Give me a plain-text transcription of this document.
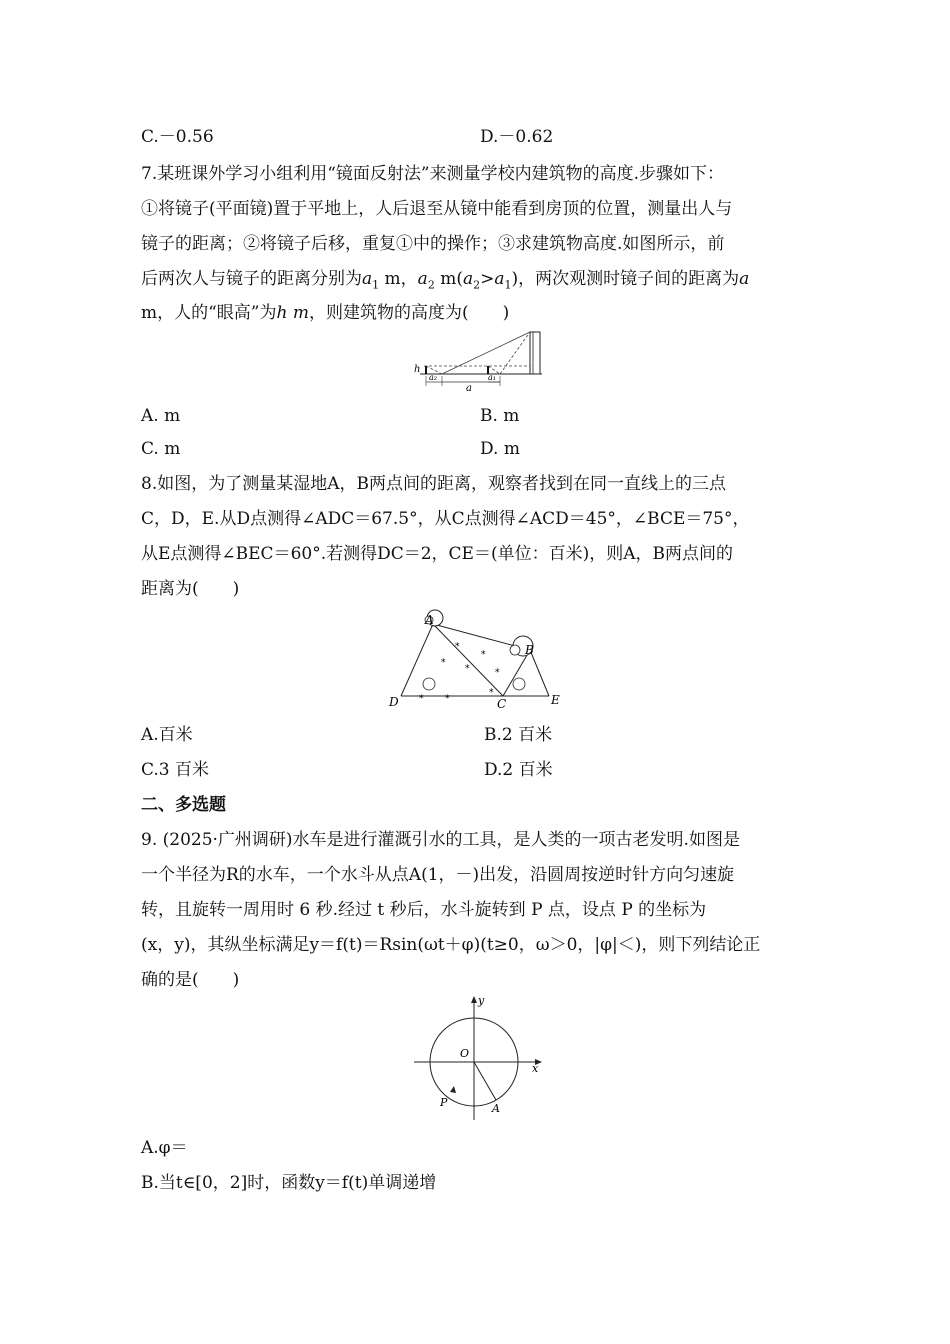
C.－0.56	D.－0.62
7.某班课外学习小组利用“镜面反射法”来测量学校内建筑物的高度.步骤如下：
①将镜子(平面镜)置于平地上，人后退至从镜中能看到房顶的位置，测量出人与
镜子的距离；②将镜子后移，重复①中的操作；③求建筑物高度.如图所示，前
后两次人与镜子的距离分别为$a_1$ m，$a_2$ $m(a_2>a_1)$，两次观测时镜子间的距离为a
m，人的“眼高”为h m，则建筑物的高度为(　　)
h
a₂
a
a₁
A. m	B. m
C. m	D. m
8.如图，为了测量某湿地A，B两点间的距离，观察者找到在同一直线上的三点
C，D，E.从D点测得∠ADC＝67.5°，从C点测得∠ACD＝45°，∠BCE＝75°，
从E点测得∠BEC＝60°.若测得DC＝2，CE＝(单位：百米)，则A，B两点间的
距离为(　　)
⁎
⁎
⁎
⁎
⁎
⁎
⁎
⁎
A
B
C
D	E
A.百米	B.2 百米
C.3 百米	D.2 百米
二、多选题
9. (2025·广州调研)水车是进行灌溉引水的工具，是人类的一项古老发明.如图是
一个半径为R的水车，一个水斗从点A(1，－)出发，沿圆周按逆时针方向匀速旋
转，且旋转一周用时 6 秒.经过 t 秒后，水斗旋转到 P 点，设点 P 的坐标为
(x，y)，其纵坐标满足y＝f(t)＝Rsin(ωt＋φ)(t≥0，ω＞0，|φ|＜)，则下列结论正
确的是(　　)
y
x
O
P	A
A.φ＝
B.当t∈[0，2]时，函数y＝f(t)单调递增
